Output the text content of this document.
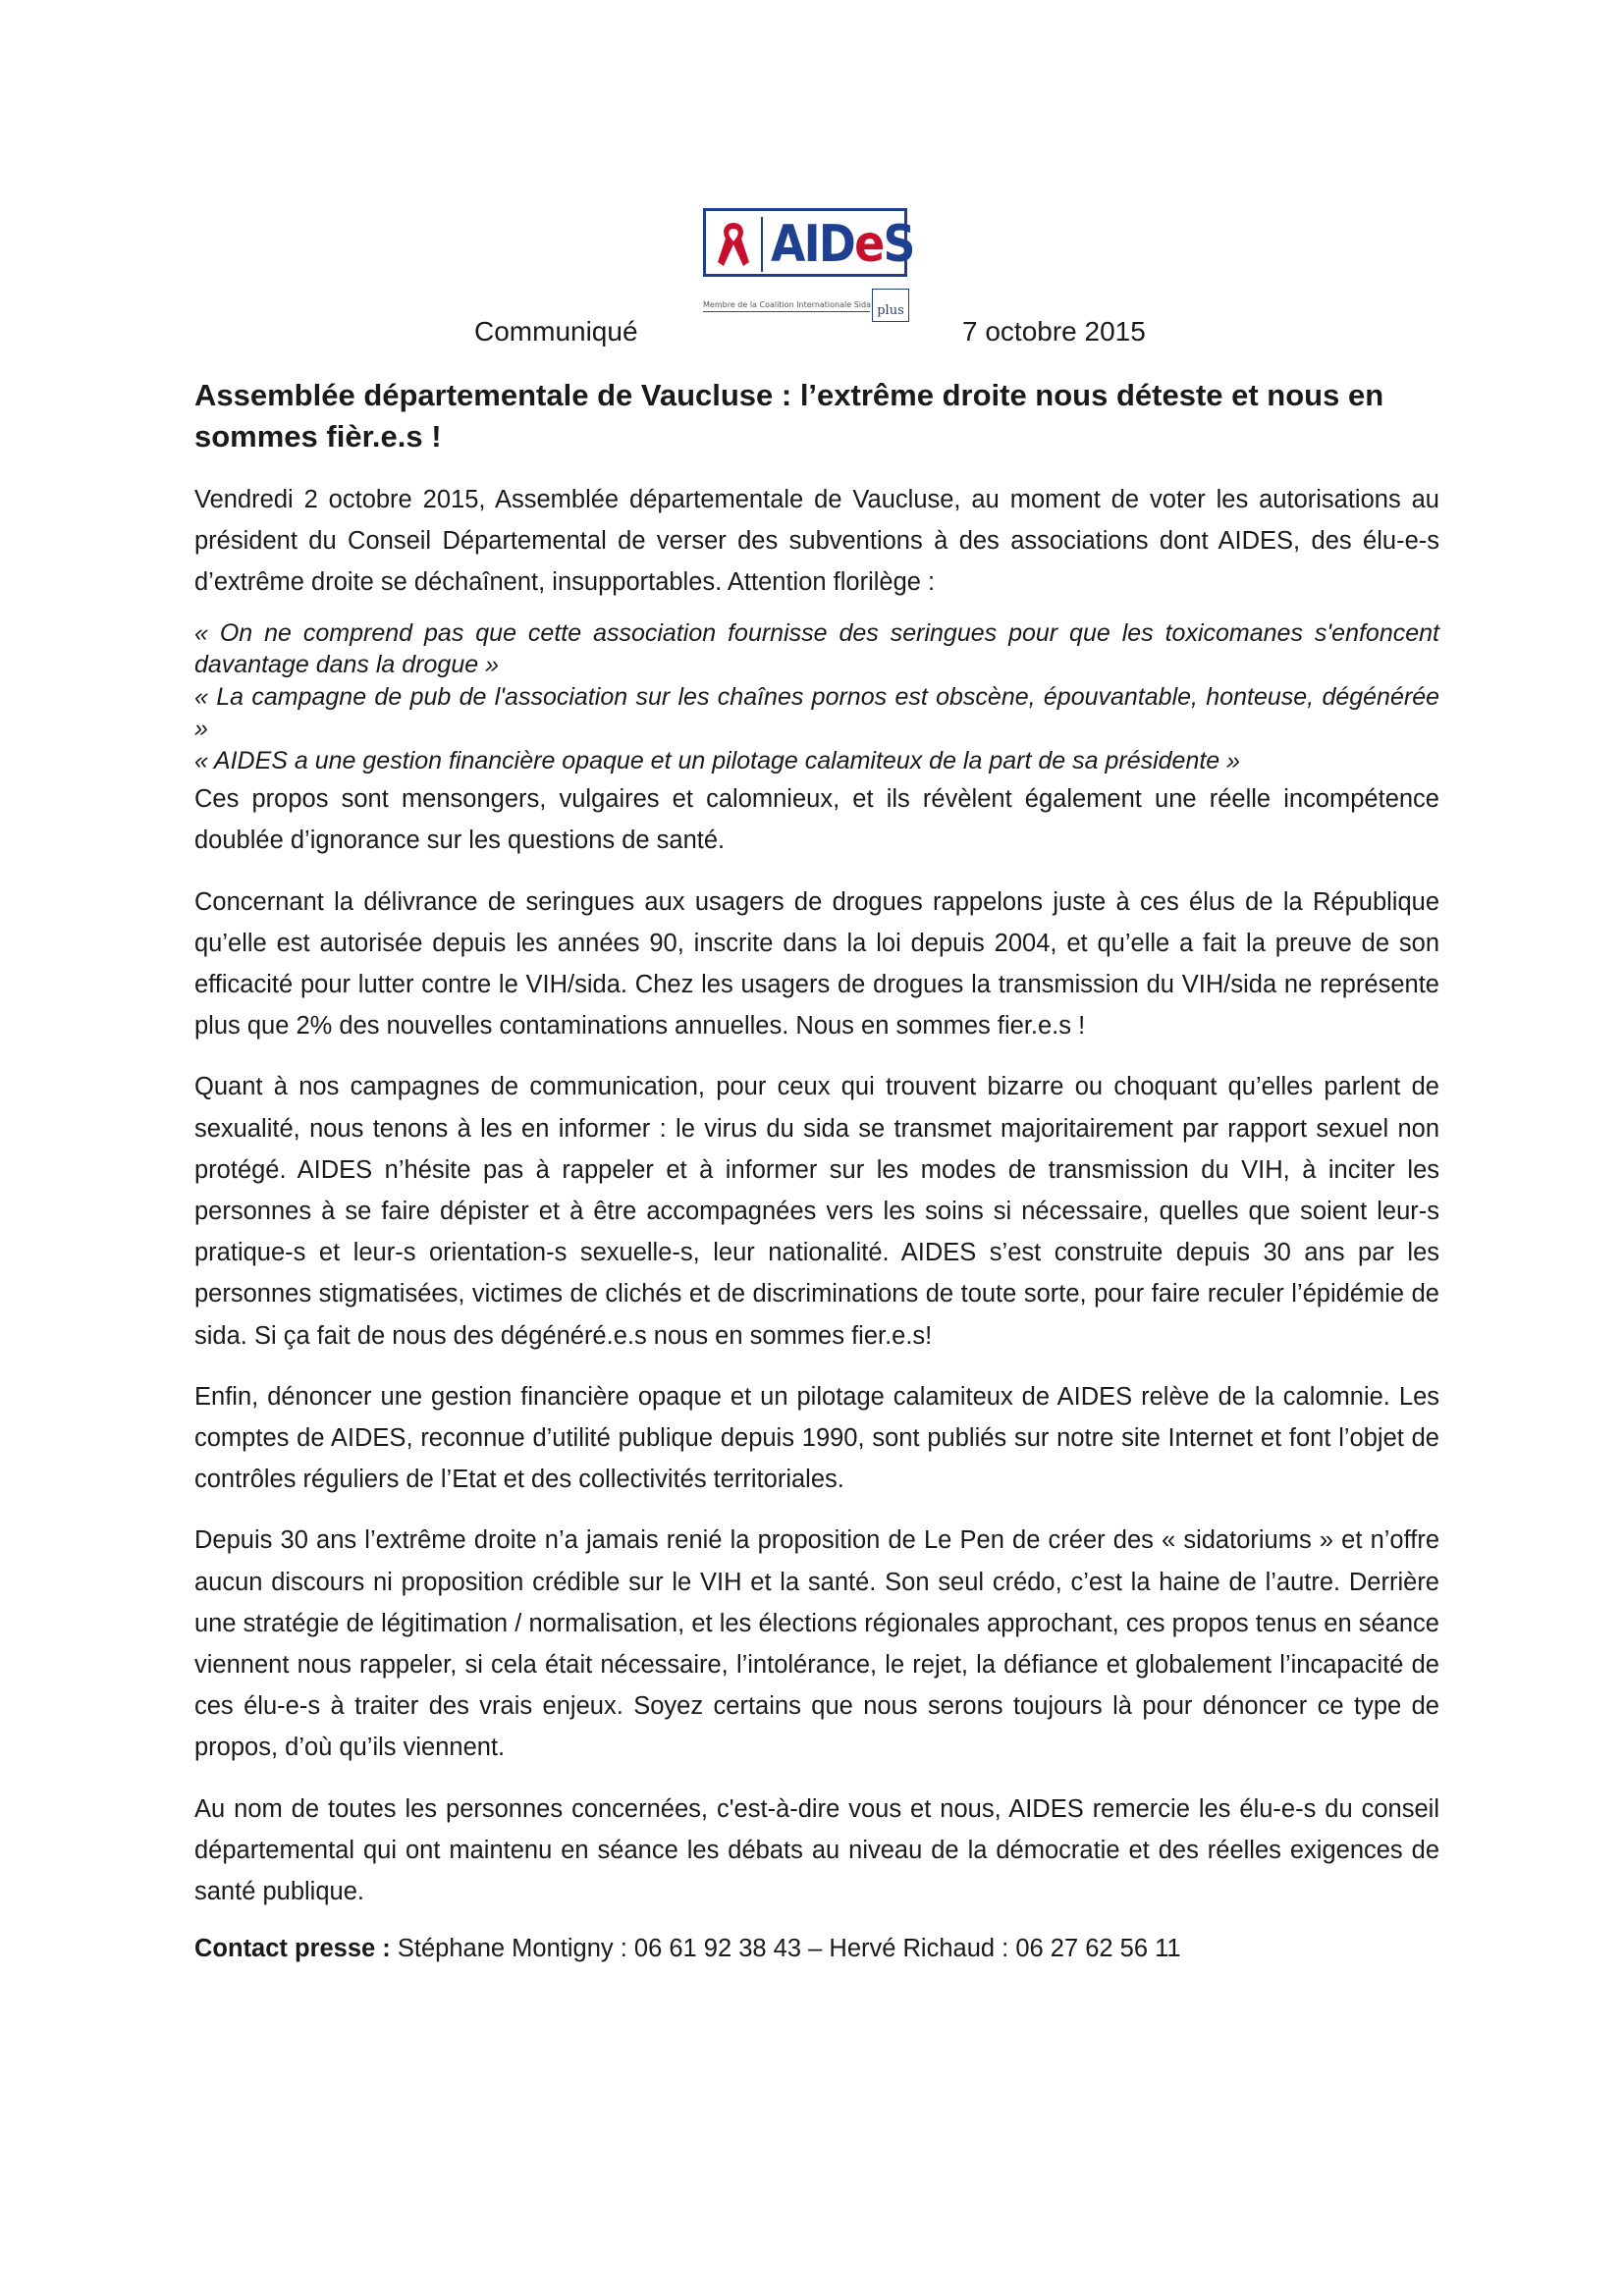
AIDeS
Membre de la Coalition Internationale Sida plus
Communiqué	7 octobre 2015
Assemblée départementale de Vaucluse : l’extrême droite nous déteste et nous en sommes fièr.e.s !

Vendredi 2 octobre 2015, Assemblée départementale de Vaucluse, au moment de voter les autorisations au président du Conseil Départemental de verser des subventions à des associations dont AIDES, des élu-e-s d’extrême droite se déchaînent, insupportables. Attention florilège :

« On ne comprend pas que cette association fournisse des seringues pour que les toxicomanes s'enfoncent davantage dans la drogue »

« La campagne de pub de l'association sur les chaînes pornos est obscène, épouvantable, honteuse, dégénérée »

« AIDES a une gestion financière opaque et un pilotage calamiteux de la part de sa présidente »

Ces propos sont mensongers, vulgaires et calomnieux, et ils révèlent également une réelle incompétence doublée d’ignorance sur les questions de santé.

Concernant la délivrance de seringues aux usagers de drogues rappelons juste à ces élus de la République qu’elle est autorisée depuis les années 90, inscrite dans la loi depuis 2004, et qu’elle a fait la preuve de son efficacité pour lutter contre le VIH/sida. Chez les usagers de drogues la transmission du VIH/sida ne représente plus que 2% des nouvelles contaminations annuelles. Nous en sommes fier.e.s !

Quant à nos campagnes de communication, pour ceux qui trouvent bizarre ou choquant qu’elles parlent de sexualité, nous tenons à les en informer : le virus du sida se transmet majoritairement par rapport sexuel non protégé. AIDES n’hésite pas à rappeler et à informer sur les modes de transmission du VIH, à inciter les personnes à se faire dépister et à être accompagnées vers les soins si nécessaire, quelles que soient leur-s pratique-s et leur-s orientation-s sexuelle-s, leur nationalité. AIDES s’est construite depuis 30 ans par les personnes stigmatisées, victimes de clichés et de discriminations de toute sorte, pour faire reculer l’épidémie de sida. Si ça fait de nous des dégénéré.e.s nous en sommes fier.e.s!

Enfin, dénoncer une gestion financière opaque et un pilotage calamiteux de AIDES relève de la calomnie. Les comptes de AIDES, reconnue d’utilité publique depuis 1990, sont publiés sur notre site Internet et font l’objet de contrôles réguliers de l’Etat et des collectivités territoriales.

Depuis 30 ans l’extrême droite n’a jamais renié la proposition de Le Pen de créer des « sidatoriums » et n’offre aucun discours ni proposition crédible sur le VIH et la santé. Son seul crédo, c’est la haine de l’autre. Derrière une stratégie de légitimation / normalisation, et les élections régionales approchant, ces propos tenus en séance viennent nous rappeler, si cela était nécessaire, l’intolérance, le rejet, la défiance et globalement l’incapacité de ces élu-e-s à traiter des vrais enjeux. Soyez certains que nous serons toujours là pour dénoncer ce type de propos, d’où qu’ils viennent.

Au nom de toutes les personnes concernées, c'est-à-dire vous et nous, AIDES remercie les élu-e-s du conseil départemental qui ont maintenu en séance les débats au niveau de la démocratie et des réelles exigences de santé publique.

Contact presse : Stéphane Montigny : 06 61 92 38 43 – Hervé Richaud : 06 27 62 56 11
